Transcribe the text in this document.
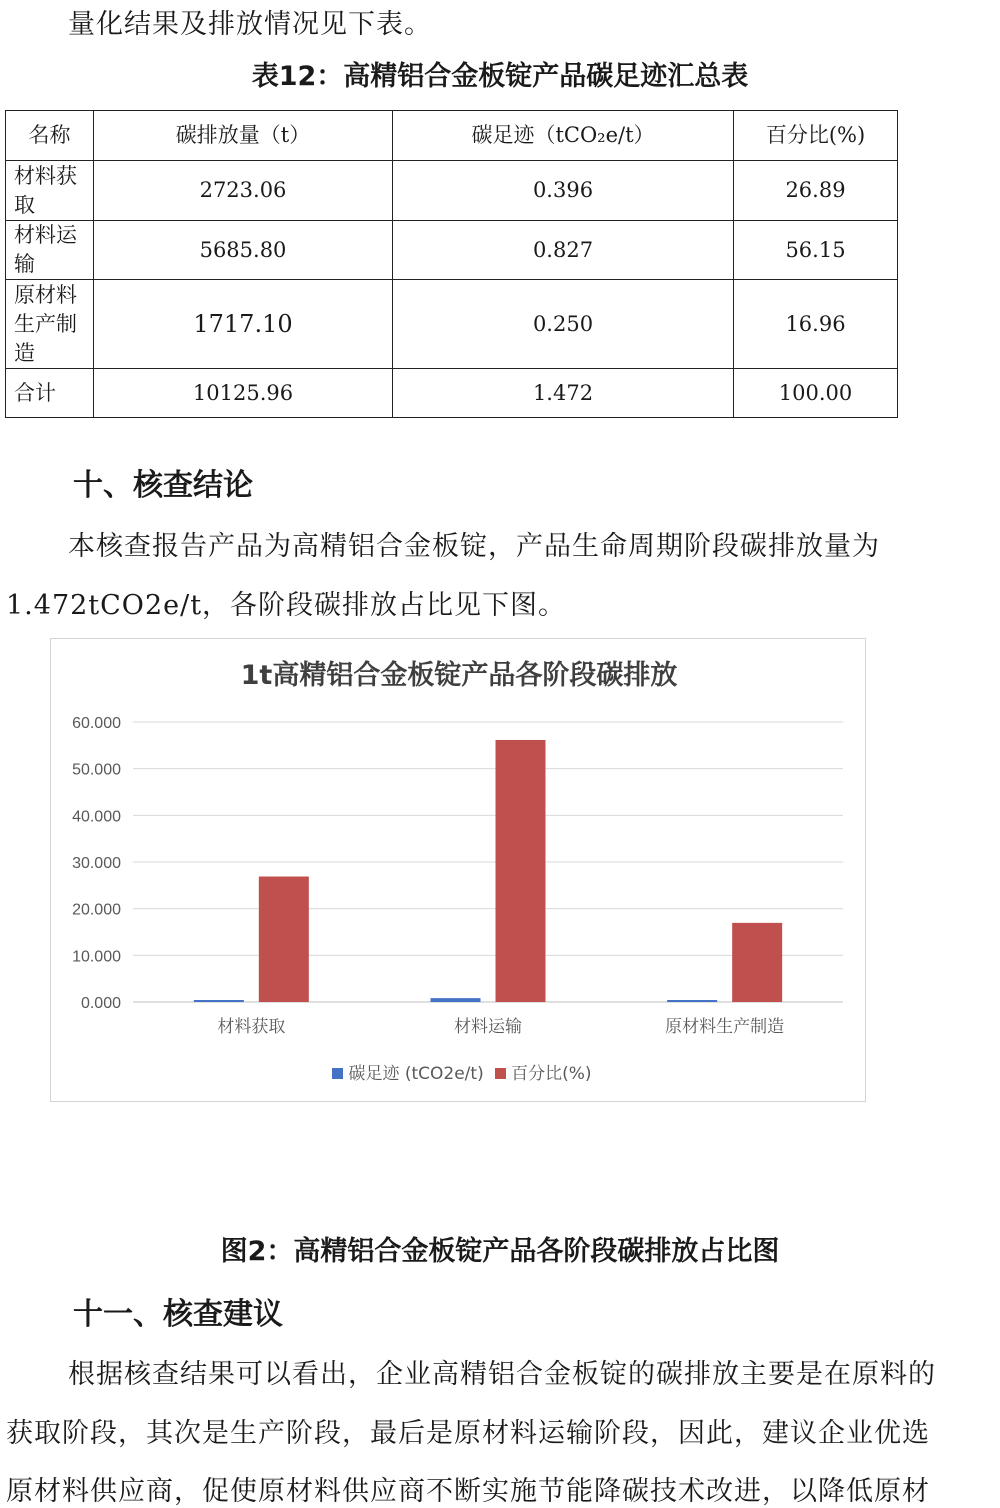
量化结果及排放情况见下表。

表12：高精铝合金板锭产品碳足迹汇总表

名称	碳排放量（t）	碳足迹（tCO₂e/t）	百分比(%)

材料获取	2723.06	0.396	26.89

材料运输	5685.80	0.827	56.15

原材料生产制造	1717.10	0.250	16.96
合计	10125.96	1.472	100.00
十、核查结论

本核查报告产品为高精铝合金板锭，产品生命周期阶段碳排放量为

1.472tCO2e/t，各阶段碳排放占比见下图。

1t高精铝合金板锭产品各阶段碳排放

0.000
10.000
20.000
30.000
40.000
50.000
60.000
材料获取	材料运输	原材料生产制造
碳足迹 (tCO2e/t) 百分比(%)

图2：高精铝合金板锭产品各阶段碳排放占比图

十一、核查建议

根据核查结果可以看出，企业高精铝合金板锭的碳排放主要是在原料的

获取阶段，其次是生产阶段，最后是原材料运输阶段，因此，建议企业优选

原材料供应商，促使原材料供应商不断实施节能降碳技术改进，以降低原材
